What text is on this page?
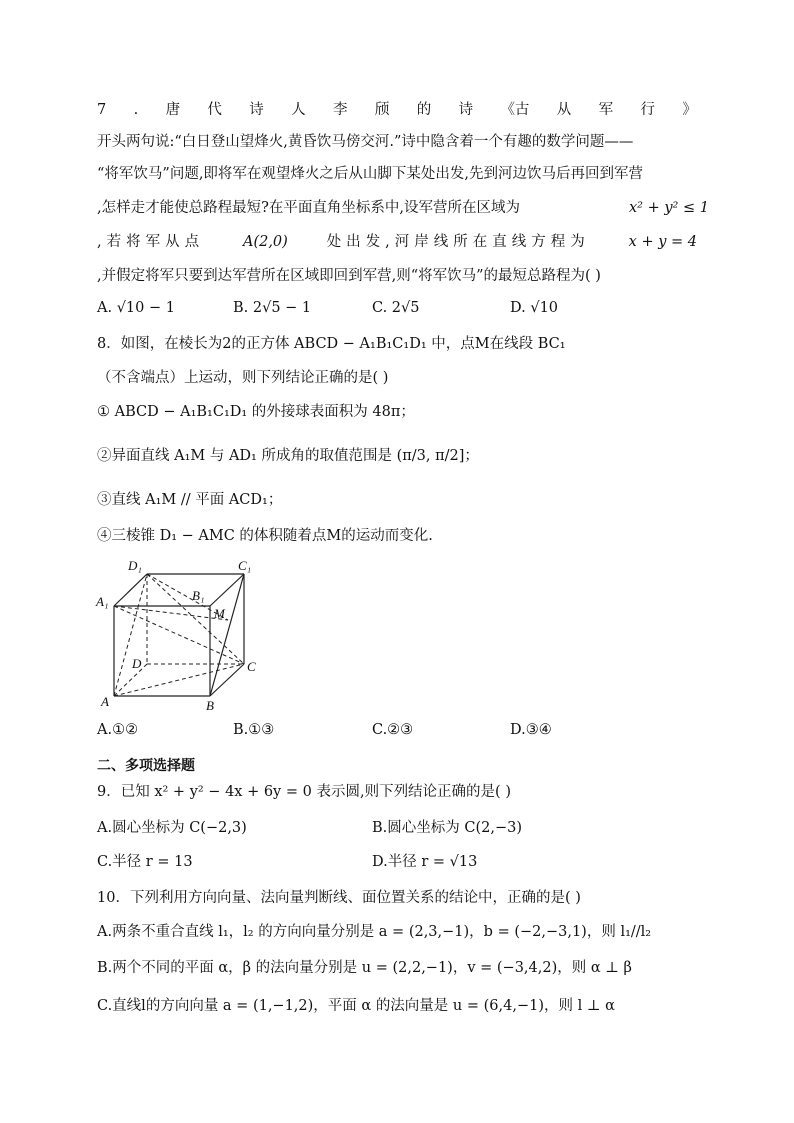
7 . 唐 代 诗 人 李 颀 的 诗 《古 从 军 行 》
开头两句说:“白日登山望烽火,黄昏饮马傍交河.”诗中隐含着一个有趣的数学问题——
“将军饮马”问题,即将军在观望烽火之后从山脚下某处出发,先到河边饮马后再回到军营
,怎样走才能使总路程最短?在平面直角坐标系中,设军营所在区域为	x² + y² ≤ 1
,若将军从点	A(2,0)	处出发,河岸线所在直线方程为	x + y = 4
,并假定将军只要到达军营所在区域即回到军营,则“将军饮马”的最短总路程为( )
A. √10 − 1	B. 2√5 − 1	C. 2√5	D. √10
8．如图，在棱长为2的正方体 ABCD − A₁B₁C₁D₁ 中，点M在线段 BC₁
（不含端点）上运动，则下列结论正确的是( )
① ABCD − A₁B₁C₁D₁ 的外接球表面积为 48π；
②异面直线 A₁M 与 AD₁ 所成角的取值范围是 (π/3, π/2]；
③直线 A₁M // 平面 ACD₁；
④三棱锥 D₁ − AMC 的体积随着点M的运动而变化.
D₁	C₁
A₁	B₁
M
D	C
A	B
A.①②	B.①③	C.②③	D.③④
二、多项选择题
9．已知 x² + y² − 4x + 6y = 0 表示圆,则下列结论正确的是( )
A.圆心坐标为 C(−2,3)	B.圆心坐标为 C(2,−3)
C.半径 r = 13	D.半径 r = √13
10．下列利用方向向量、法向量判断线、面位置关系的结论中，正确的是( )
A.两条不重合直线 l₁，l₂ 的方向向量分别是 a = (2,3,−1)，b = (−2,−3,1)，则 l₁//l₂
B.两个不同的平面 α，β 的法向量分别是 u = (2,2,−1)，v = (−3,4,2)，则 α ⊥ β
C.直线l的方向向量 a = (1,−1,2)，平面 α 的法向量是 u = (6,4,−1)，则 l ⊥ α
